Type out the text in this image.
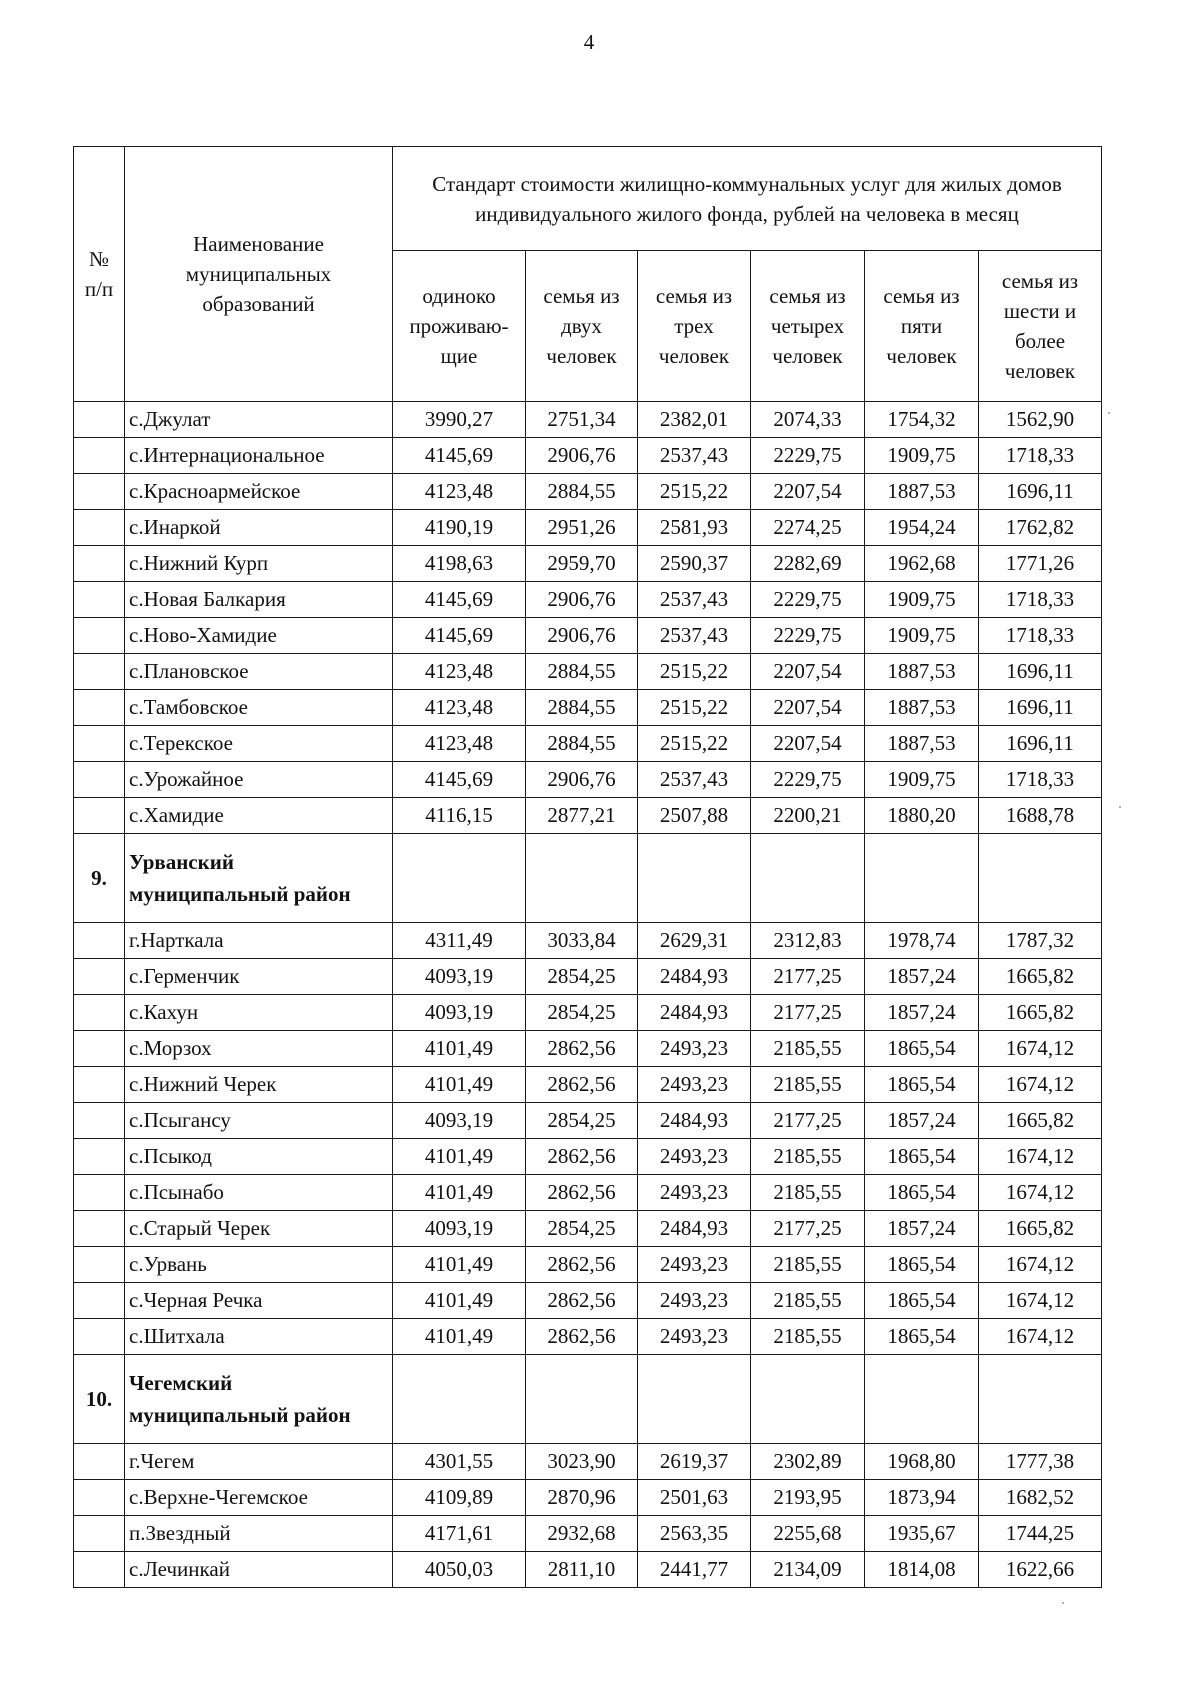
4
№ п/п	Наименование муниципальных образований	Стандарт стоимости жилищно-коммунальных услуг для жилых домов индивидуального жилого фонда, рублей на человека в месяц					
		одиноко проживаю- щие	семья из двух человек	семья из трех человек	семья из четырех человек	семья из пяти человек	семья из шести и более человек
	с.Джулат	3990,27	2751,34	2382,01	2074,33	1754,32	1562,90
	с.Интернациональное	4145,69	2906,76	2537,43	2229,75	1909,75	1718,33
	с.Красноармейское	4123,48	2884,55	2515,22	2207,54	1887,53	1696,11
	с.Инаркой	4190,19	2951,26	2581,93	2274,25	1954,24	1762,82
	с.Нижний Курп	4198,63	2959,70	2590,37	2282,69	1962,68	1771,26
	с.Новая Балкария	4145,69	2906,76	2537,43	2229,75	1909,75	1718,33
	с.Ново-Хамидие	4145,69	2906,76	2537,43	2229,75	1909,75	1718,33
	с.Плановское	4123,48	2884,55	2515,22	2207,54	1887,53	1696,11
	с.Тамбовское	4123,48	2884,55	2515,22	2207,54	1887,53	1696,11
	с.Терекское	4123,48	2884,55	2515,22	2207,54	1887,53	1696,11
	с.Урожайное	4145,69	2906,76	2537,43	2229,75	1909,75	1718,33
	с.Хамидие	4116,15	2877,21	2507,88	2200,21	1880,20	1688,78
9.	Урванский
муниципальный район						

	г.Нарткала	4311,49	3033,84	2629,31	2312,83	1978,74	1787,32
	с.Герменчик	4093,19	2854,25	2484,93	2177,25	1857,24	1665,82
	с.Кахун	4093,19	2854,25	2484,93	2177,25	1857,24	1665,82
	с.Морзох	4101,49	2862,56	2493,23	2185,55	1865,54	1674,12
	с.Нижний Черек	4101,49	2862,56	2493,23	2185,55	1865,54	1674,12
	с.Псыгансу	4093,19	2854,25	2484,93	2177,25	1857,24	1665,82
	с.Псыкод	4101,49	2862,56	2493,23	2185,55	1865,54	1674,12
	с.Псынабо	4101,49	2862,56	2493,23	2185,55	1865,54	1674,12
	с.Старый Черек	4093,19	2854,25	2484,93	2177,25	1857,24	1665,82
	с.Урвань	4101,49	2862,56	2493,23	2185,55	1865,54	1674,12
	с.Черная Речка	4101,49	2862,56	2493,23	2185,55	1865,54	1674,12
	с.Шитхала	4101,49	2862,56	2493,23	2185,55	1865,54	1674,12
10.	Чегемский
муниципальный район						

	г.Чегем	4301,55	3023,90	2619,37	2302,89	1968,80	1777,38
	с.Верхне-Чегемское	4109,89	2870,96	2501,63	2193,95	1873,94	1682,52
	п.Звездный	4171,61	2932,68	2563,35	2255,68	1935,67	1744,25
	с.Лечинкай	4050,03	2811,10	2441,77	2134,09	1814,08	1622,66
